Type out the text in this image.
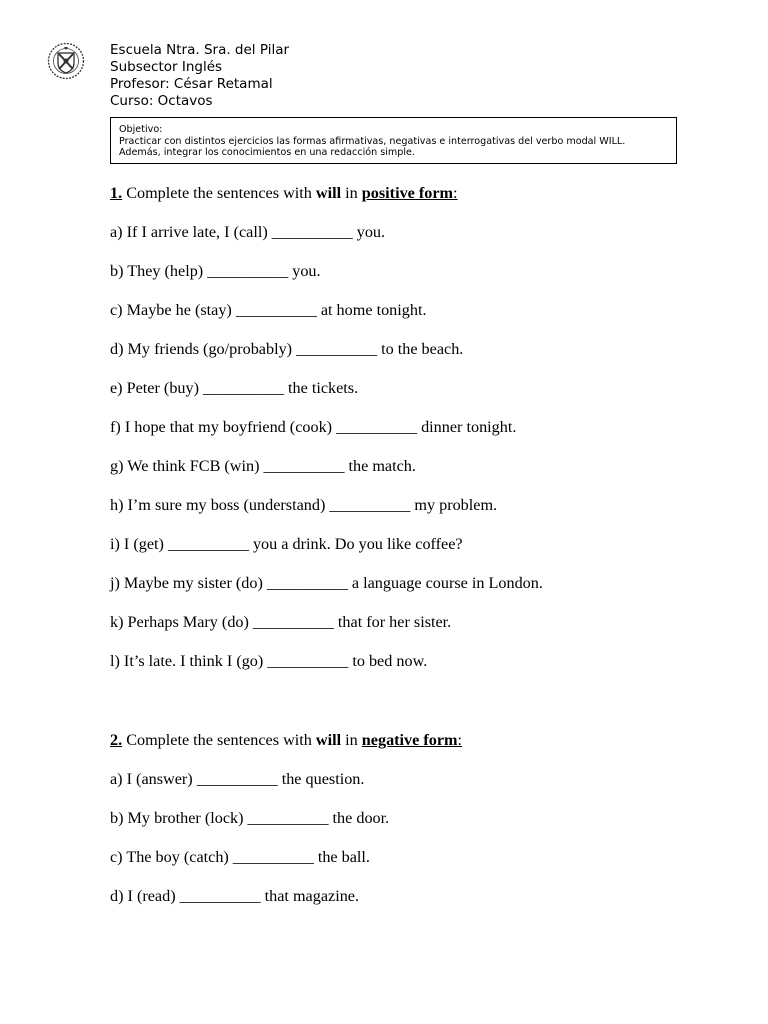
Escuela Ntra. Sra. del Pilar
Subsector Inglés
Profesor: César Retamal
Curso: Octavos
Objetivo:
Practicar con distintos ejercicios las formas afirmativas, negativas e interrogativas del verbo modal WILL.
Además, integrar los conocimientos en una redacción simple.
1. Complete the sentences with will in positive form:
a) If I arrive late, I (call) __________ you.
b) They (help) __________ you.
c) Maybe he (stay) __________ at home tonight.
d) My friends (go/probably) __________ to the beach.
e) Peter (buy) __________ the tickets.
f) I hope that my boyfriend (cook) __________ dinner tonight.
g) We think FCB (win) __________ the match.
h) I’m sure my boss (understand) __________ my problem.
i) I (get) __________ you a drink. Do you like coffee?
j) Maybe my sister (do) __________ a language course in London.
k) Perhaps Mary (do) __________ that for her sister.
l) It’s late. I think I (go) __________ to bed now.
2. Complete the sentences with will in negative form:
a) I (answer) __________ the question.
b) My brother (lock) __________ the door.
c) The boy (catch) __________ the ball.
d) I (read) __________ that magazine.
